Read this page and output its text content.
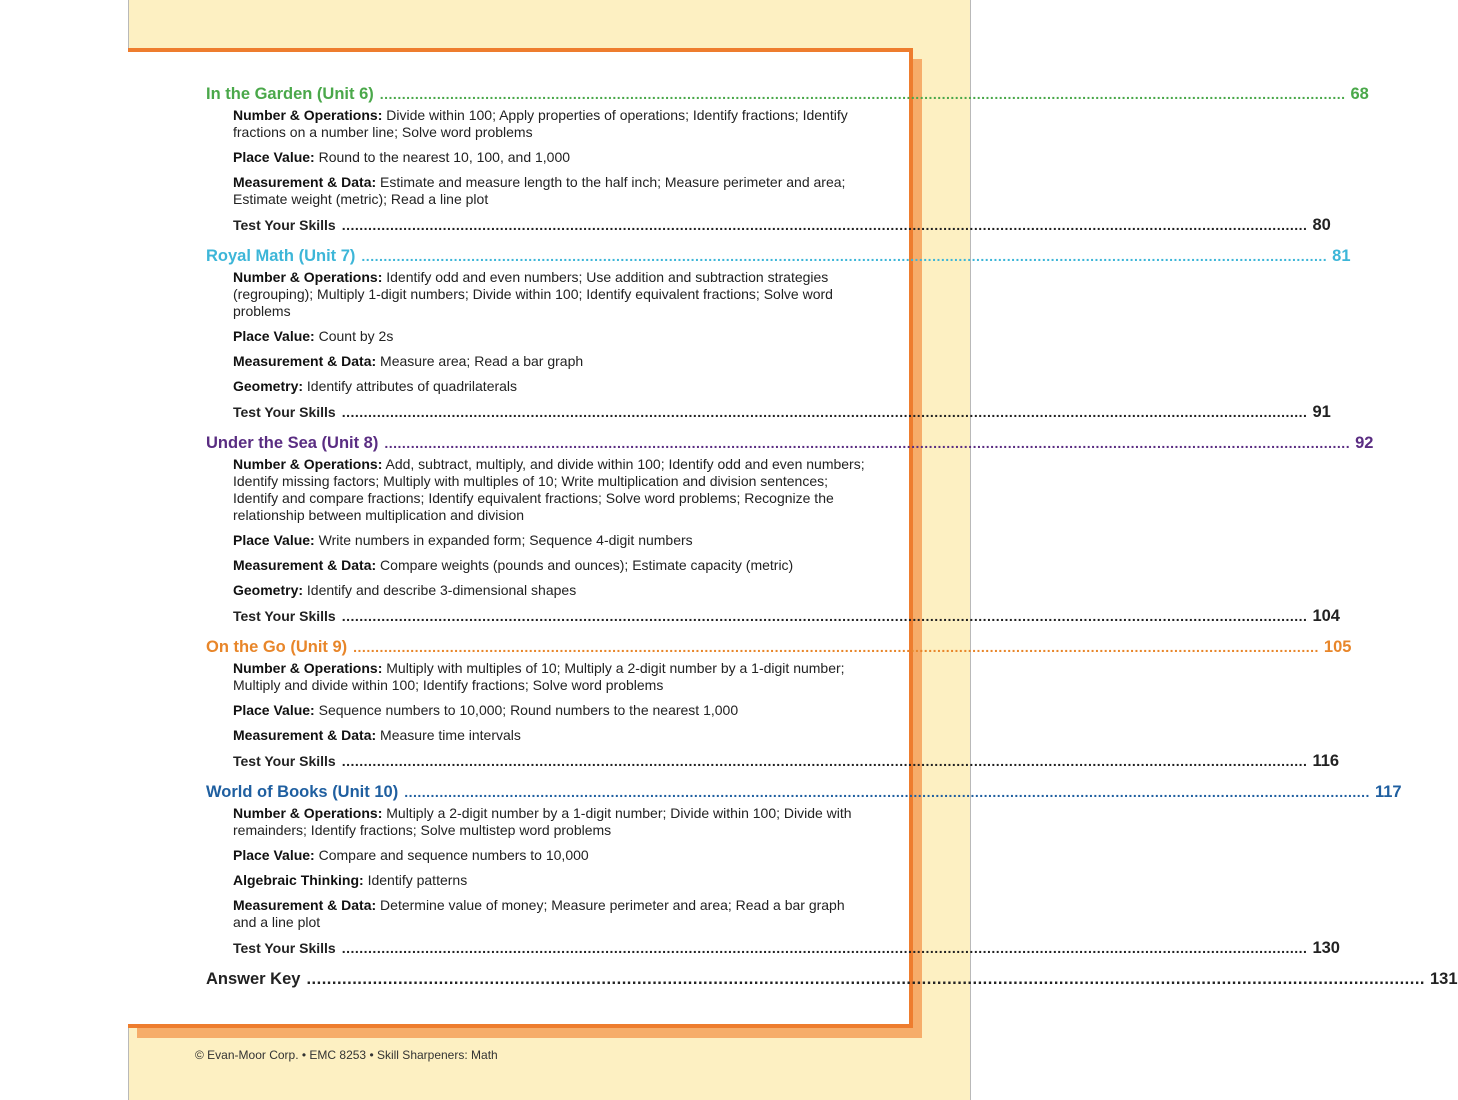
In the Garden (Unit 6) ............................................................................................................................................................................................................................ 68
Number & Operations: Divide within 100; Apply properties of operations; Identify fractions; Identify fractions on a number line; Solve word problems
Place Value: Round to the nearest 10, 100, and 1,000
Measurement & Data: Estimate and measure length to the half inch; Measure perimeter and area; Estimate weight (metric); Read a line plot
Test Your Skills ............................................................................................................................................................................................................................ 80
Royal Math (Unit 7) ............................................................................................................................................................................................................................ 81
Number & Operations: Identify odd and even numbers; Use addition and subtraction strategies (regrouping); Multiply 1-digit numbers; Divide within 100; Identify equivalent fractions; Solve word problems
Place Value: Count by 2s
Measurement & Data: Measure area; Read a bar graph
Geometry: Identify attributes of quadrilaterals
Test Your Skills ............................................................................................................................................................................................................................ 91
Under the Sea (Unit 8) ............................................................................................................................................................................................................................ 92
Number & Operations: Add, subtract, multiply, and divide within 100; Identify odd and even numbers; Identify missing factors; Multiply with multiples of 10; Write multiplication and division sentences; Identify and compare fractions; Identify equivalent fractions; Solve word problems; Recognize the relationship between multiplication and division
Place Value: Write numbers in expanded form; Sequence 4-digit numbers
Measurement & Data: Compare weights (pounds and ounces); Estimate capacity (metric)
Geometry: Identify and describe 3-dimensional shapes
Test Your Skills ............................................................................................................................................................................................................................ 104
On the Go (Unit 9) ............................................................................................................................................................................................................................ 105
Number & Operations: Multiply with multiples of 10; Multiply a 2-digit number by a 1-digit number; Multiply and divide within 100; Identify fractions; Solve word problems
Place Value: Sequence numbers to 10,000; Round numbers to the nearest 1,000
Measurement & Data: Measure time intervals
Test Your Skills ............................................................................................................................................................................................................................ 116
World of Books (Unit 10) ............................................................................................................................................................................................................................ 117
Number & Operations: Multiply a 2-digit number by a 1-digit number; Divide within 100; Divide with remainders; Identify fractions; Solve multistep word problems
Place Value: Compare and sequence numbers to 10,000
Algebraic Thinking: Identify patterns
Measurement & Data: Determine value of money; Measure perimeter and area; Read a bar graph and a line plot
Test Your Skills ............................................................................................................................................................................................................................ 130
Answer Key ............................................................................................................................................................................................................................ 131
© Evan-Moor Corp. • EMC 8253 • Skill Sharpeners: Math
